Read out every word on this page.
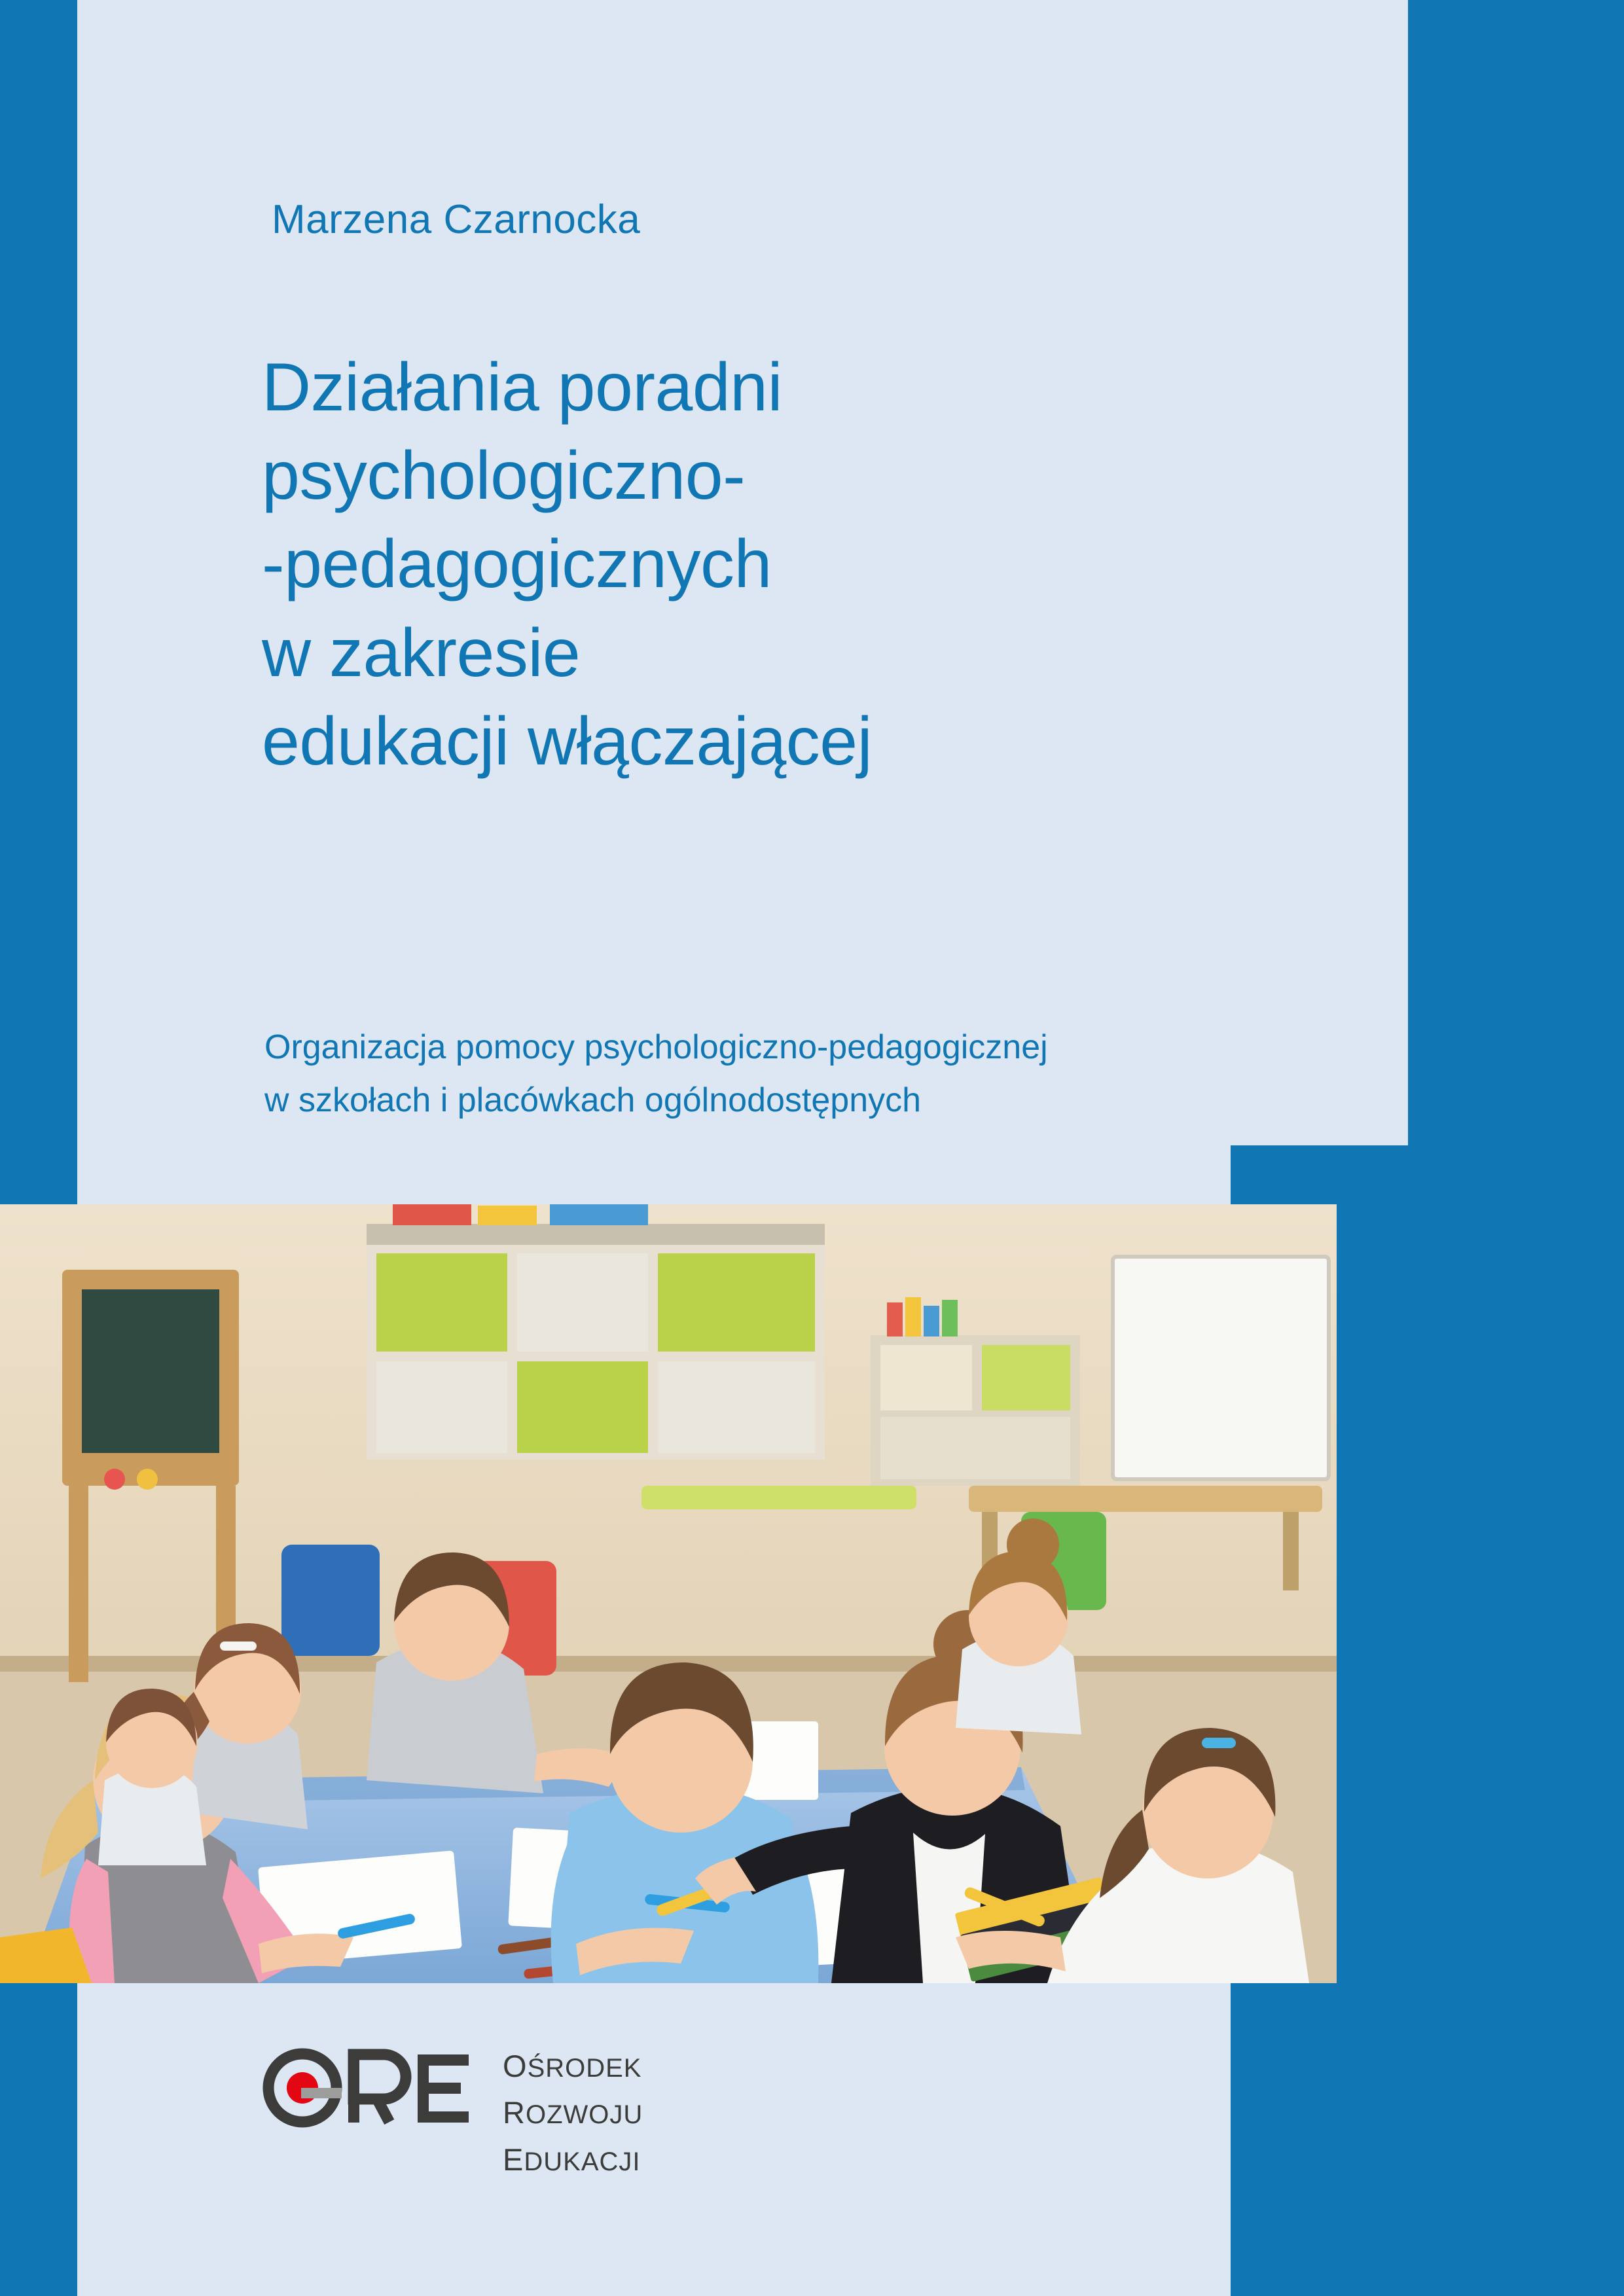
Marzena Czarnocka
Działania poradni
psychologiczno-
-pedagogicznych
w zakresie
edukacji włączającej
Organizacja pomocy psychologiczno-pedagogicznej
w szkołach i placówkach ogólnodostępnych
OŚRODEK
ROZWOJU
EDUKACJI
